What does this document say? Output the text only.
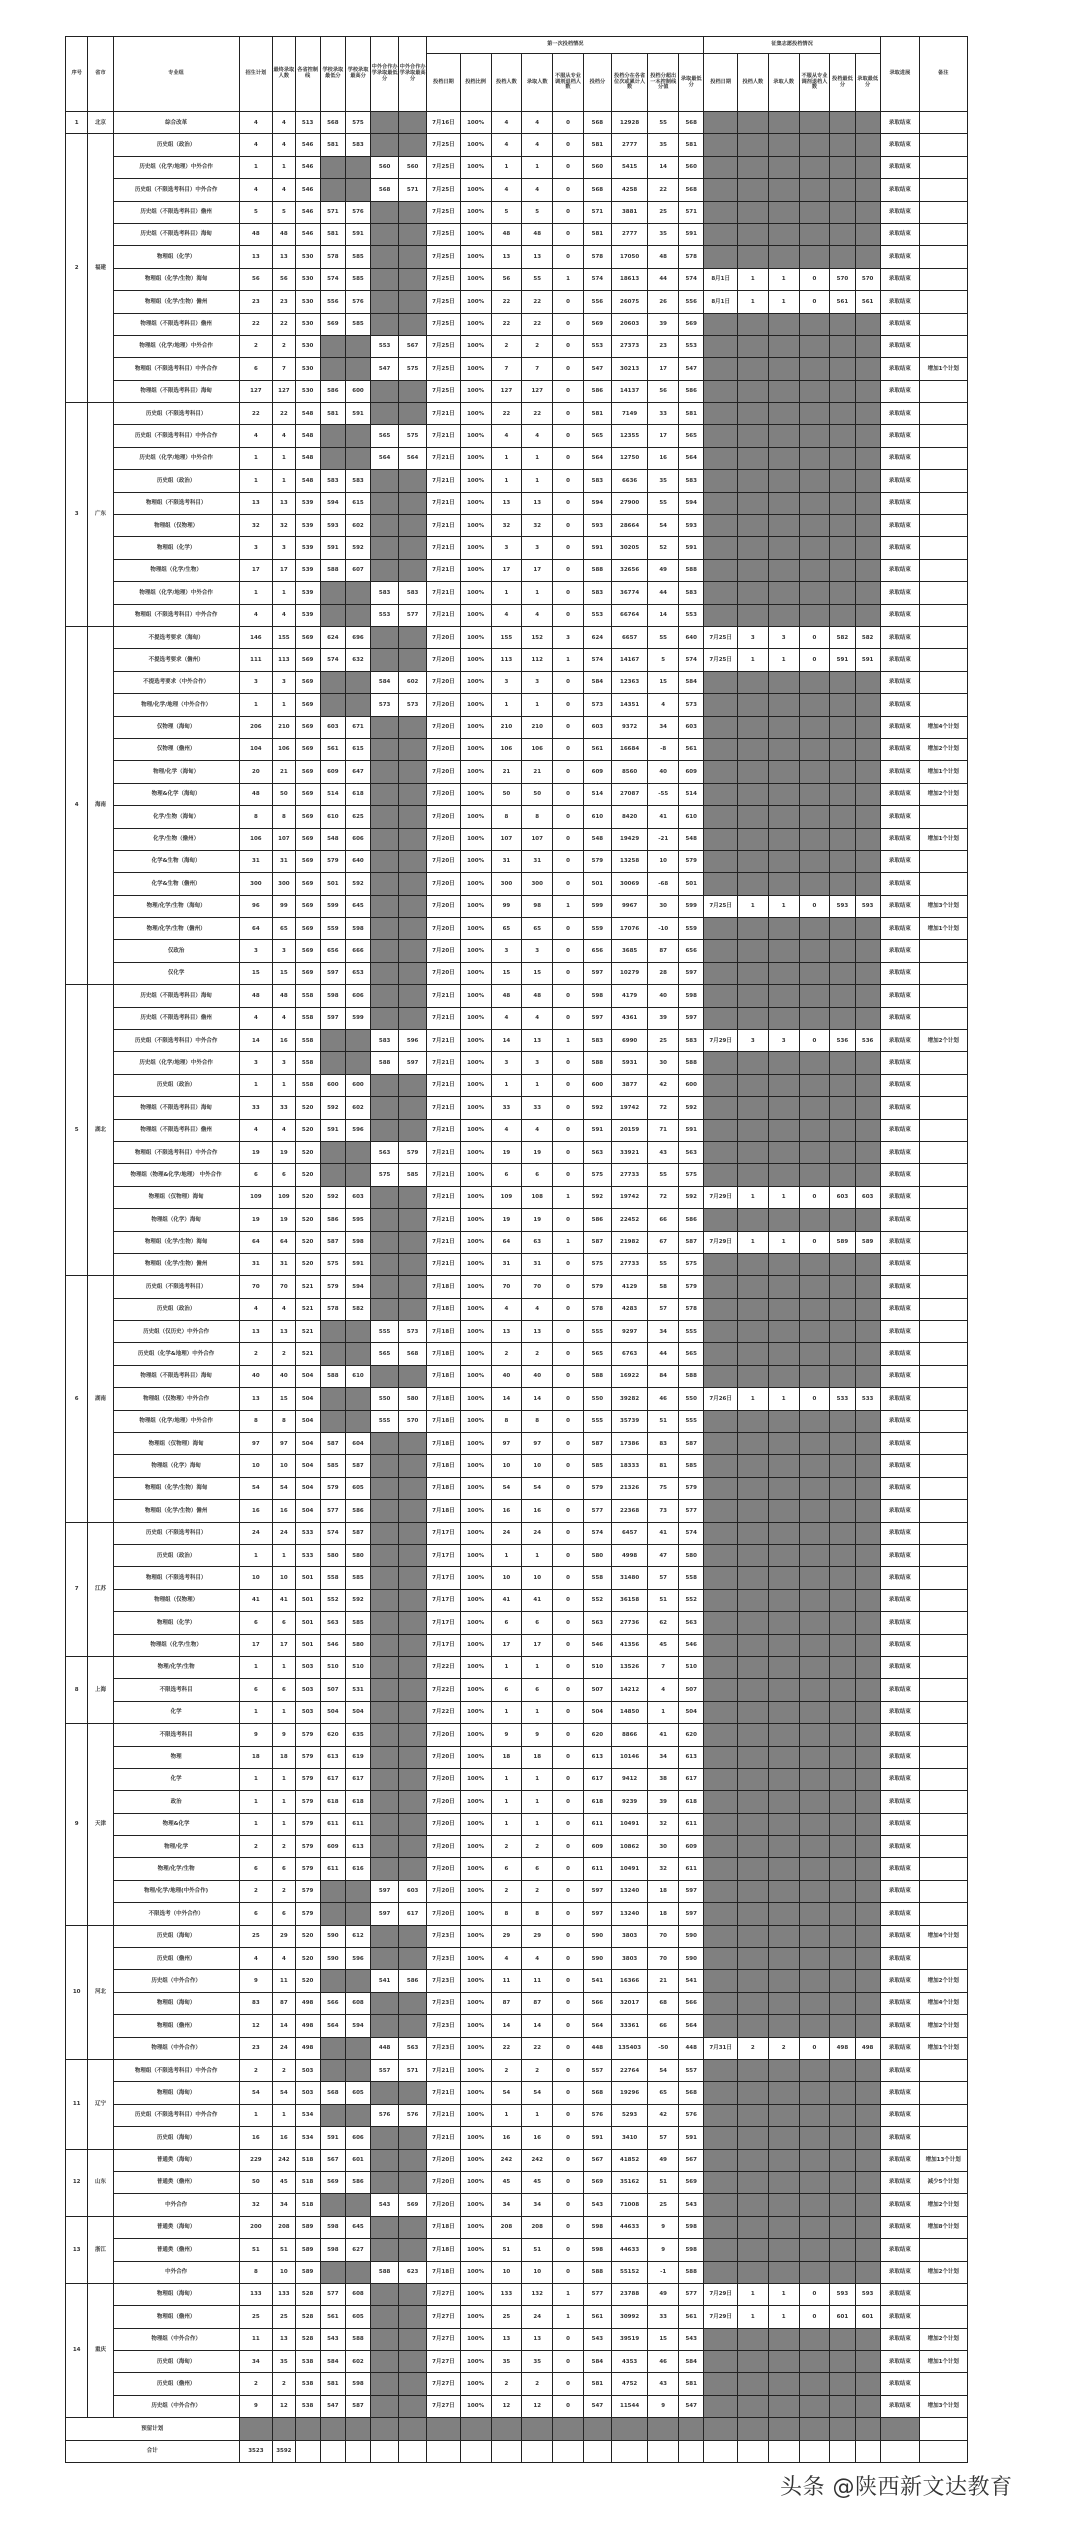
序号	省市	专业组	招生计划	最终录取人数	各省控制线	学校录取最低分	学校录取最高分	中外合作办学录取最低分	中外合作办学录取最高分	第一次投档情况									征集志愿投档情况						录取进展	备注
										投档日期	投档比例	投档人数	录取人数	不服从专业调剂退档人数	投档分	投档分在各省位次或累计人数	投档分超出一本控制线分值	录取最低分	投档日期	投档人数	录取人数	不服从专业调剂退档人数	投档最低分	录取最低分		
1	北京	综合改革	4	4	513	568	575			7月16日	100%	4	4	0	568	12928	55	568							录取结束	
2	福建	历史组（政治）	4	4	546	581	583			7月25日	100%	4	4	0	581	2777	35	581							录取结束	
		历史组（化学/地理）中外合作	1	1	546			560	560	7月25日	100%	1	1	0	560	5415	14	560							录取结束	
		历史组（不限选考科目）中外合作	4	4	546			568	571	7月25日	100%	4	4	0	568	4258	22	568							录取结束	
		历史组（不限选考科目）儋州	5	5	546	571	576			7月25日	100%	5	5	0	571	3881	25	571							录取结束	
		历史组（不限选考科目）海甸	48	48	546	581	591			7月25日	100%	48	48	0	581	2777	35	591							录取结束	
		物理组（化学）	13	13	530	578	585			7月25日	100%	13	13	0	578	17050	48	578							录取结束	
		物理组（化学/生物）海甸	56	56	530	574	585			7月25日	100%	56	55	1	574	18613	44	574	8月1日	1	1	0	570	570	录取结束	
		物理组（化学/生物）儋州	23	23	530	556	576			7月25日	100%	22	22	0	556	26075	26	556	8月1日	1	1	0	561	561	录取结束	
		物理组（不限选考科目）儋州	22	22	530	569	585			7月25日	100%	22	22	0	569	20603	39	569							录取结束	
		物理组（化学/地理）中外合作	2	2	530			553	567	7月25日	100%	2	2	0	553	27373	23	553							录取结束	
		物理组（不限选考科目）中外合作	6	7	530			547	575	7月25日	100%	7	7	0	547	30213	17	547							录取结束	增加1个计划
		物理组（不限选考科目）海甸	127	127	530	586	600			7月25日	100%	127	127	0	586	14137	56	586							录取结束	
3	广东	历史组（不限选考科目）	22	22	548	581	591			7月21日	100%	22	22	0	581	7149	33	581							录取结束	
		历史组（不限选考科目）中外合作	4	4	548			565	575	7月21日	100%	4	4	0	565	12355	17	565							录取结束	
		历史组（化学/地理）中外合作	1	1	548			564	564	7月21日	100%	1	1	0	564	12750	16	564							录取结束	
		历史组（政治）	1	1	548	583	583			7月21日	100%	1	1	0	583	6636	35	583							录取结束	
		物理组（不限选考科目）	13	13	539	594	615			7月21日	100%	13	13	0	594	27900	55	594							录取结束	
		物理组（仅物理）	32	32	539	593	602			7月21日	100%	32	32	0	593	28664	54	593							录取结束	
		物理组（化学）	3	3	539	591	592			7月21日	100%	3	3	0	591	30205	52	591							录取结束	
		物理组（化学/生物）	17	17	539	588	607			7月21日	100%	17	17	0	588	32656	49	588							录取结束	
		物理组（化学/地理）中外合作	1	1	539			583	583	7月21日	100%	1	1	0	583	36774	44	583							录取结束	
		物理组（不限选考科目）中外合作	4	4	539			553	577	7月21日	100%	4	4	0	553	66764	14	553							录取结束	
4	海南	不提选考要求（海甸）	146	155	569	624	696			7月20日	100%	155	152	3	624	6657	55	640	7月25日	3	3	0	582	582	录取结束	
		不提选考要求（儋州）	111	113	569	574	632			7月20日	100%	113	112	1	574	14167	5	574	7月25日	1	1	0	591	591	录取结束	
		不提选考要求（中外合作）	3	3	569			584	602	7月20日	100%	3	3	0	584	12363	15	584							录取结束	
		物理/化学/地理（中外合作）	1	1	569			573	573	7月20日	100%	1	1	0	573	14351	4	573							录取结束	
		仅物理（海甸）	206	210	569	603	671			7月20日	100%	210	210	0	603	9372	34	603							录取结束	增加4个计划
		仅物理（儋州）	104	106	569	561	615			7月20日	100%	106	106	0	561	16684	-8	561							录取结束	增加2个计划
		物理/化学（海甸）	20	21	569	609	647			7月20日	100%	21	21	0	609	8560	40	609							录取结束	增加1个计划
		物理&化学（海甸）	48	50	569	514	618			7月20日	100%	50	50	0	514	27087	-55	514							录取结束	增加2个计划
		化学/生物（海甸）	8	8	569	610	625			7月20日	100%	8	8	0	610	8420	41	610							录取结束	
		化学/生物（儋州）	106	107	569	548	606			7月20日	100%	107	107	0	548	19429	-21	548							录取结束	增加1个计划
		化学&生物（海甸）	31	31	569	579	640			7月20日	100%	31	31	0	579	13258	10	579							录取结束	
		化学&生物（儋州）	300	300	569	501	592			7月20日	100%	300	300	0	501	30069	-68	501							录取结束	
		物理/化学/生物（海甸）	96	99	569	599	645			7月20日	100%	99	98	1	599	9967	30	599	7月25日	1	1	0	593	593	录取结束	增加3个计划
		物理/化学/生物（儋州）	64	65	569	559	598			7月20日	100%	65	65	0	559	17076	-10	559							录取结束	增加1个计划
		仅政治	3	3	569	656	666			7月20日	100%	3	3	0	656	3685	87	656							录取结束	
		仅化学	15	15	569	597	653			7月20日	100%	15	15	0	597	10279	28	597							录取结束	
5	湖北	历史组（不限选考科目）海甸	48	48	558	598	606			7月21日	100%	48	48	0	598	4179	40	598							录取结束	
		历史组（不限选考科目）儋州	4	4	558	597	599			7月21日	100%	4	4	0	597	4361	39	597							录取结束	
		历史组（不限选考科目）中外合作	14	16	558			583	596	7月21日	100%	14	13	1	583	6990	25	583	7月29日	3	3	0	536	536	录取结束	增加2个计划
		历史组（化学/地理）中外合作	3	3	558			588	597	7月21日	100%	3	3	0	588	5931	30	588							录取结束	
		历史组（政治）	1	1	558	600	600			7月21日	100%	1	1	0	600	3877	42	600							录取结束	
		物理组（不限选考科目）海甸	33	33	520	592	602			7月21日	100%	33	33	0	592	19742	72	592							录取结束	
		物理组（不限选考科目）儋州	4	4	520	591	596			7月21日	100%	4	4	0	591	20159	71	591							录取结束	
		物理组（不限选考科目）中外合作	19	19	520			563	579	7月21日	100%	19	19	0	563	33921	43	563							录取结束	
		物理组（物理&化学/地理） 中外合作	6	6	520			575	585	7月21日	100%	6	6	0	575	27733	55	575							录取结束	
		物理组（仅物理）海甸	109	109	520	592	603			7月21日	100%	109	108	1	592	19742	72	592	7月29日	1	1	0	603	603	录取结束	
		物理组（化学）海甸	19	19	520	586	595			7月21日	100%	19	19	0	586	22452	66	586							录取结束	
		物理组（化学/生物）海甸	64	64	520	587	598			7月21日	100%	64	63	1	587	21982	67	587	7月29日	1	1	0	589	589	录取结束	
		物理组（化学/生物）儋州	31	31	520	575	591			7月21日	100%	31	31	0	575	27733	55	575							录取结束	
6	湖南	历史组（不限选考科目）	70	70	521	579	594			7月18日	100%	70	70	0	579	4129	58	579							录取结束	
		历史组（政治）	4	4	521	578	582			7月18日	100%	4	4	0	578	4283	57	578							录取结束	
		历史组（仅历史）中外合作	13	13	521			555	573	7月18日	100%	13	13	0	555	9297	34	555							录取结束	
		历史组（化学&地理）中外合作	2	2	521			565	568	7月18日	100%	2	2	0	565	6763	44	565							录取结束	
		物理组（不限选考科目）海甸	40	40	504	588	610			7月18日	100%	40	40	0	588	16922	84	588							录取结束	
		物理组（仅物理）中外合作	13	15	504			550	580	7月18日	100%	14	14	0	550	39282	46	550	7月26日	1	1	0	533	533	录取结束	
		物理组（化学/地理）中外合作	8	8	504			555	570	7月18日	100%	8	8	0	555	35739	51	555							录取结束	
		物理组（仅物理）海甸	97	97	504	587	604			7月18日	100%	97	97	0	587	17386	83	587							录取结束	
		物理组（化学）海甸	10	10	504	585	587			7月18日	100%	10	10	0	585	18333	81	585							录取结束	
		物理组（化学/生物）海甸	54	54	504	579	605			7月18日	100%	54	54	0	579	21326	75	579							录取结束	
		物理组（化学/生物）儋州	16	16	504	577	586			7月18日	100%	16	16	0	577	22368	73	577							录取结束	
7	江苏	历史组（不限选考科目）	24	24	533	574	587			7月17日	100%	24	24	0	574	6457	41	574							录取结束	
		历史组（政治）	1	1	533	580	580			7月17日	100%	1	1	0	580	4998	47	580							录取结束	
		物理组（不限选考科目）	10	10	501	558	585			7月17日	100%	10	10	0	558	31480	57	558							录取结束	
		物理组（仅物理）	41	41	501	552	592			7月17日	100%	41	41	0	552	36158	51	552							录取结束	
		物理组（化学）	6	6	501	563	585			7月17日	100%	6	6	0	563	27736	62	563							录取结束	
		物理组（化学/生物）	17	17	501	546	580			7月17日	100%	17	17	0	546	41356	45	546							录取结束	
8	上海	物理/化学/生物	1	1	503	510	510			7月22日	100%	1	1	0	510	13526	7	510							录取结束	
		不限选考科目	6	6	503	507	531			7月22日	100%	6	6	0	507	14212	4	507							录取结束	
		化学	1	1	503	504	504			7月22日	100%	1	1	0	504	14850	1	504							录取结束	
9	天津	不限选考科目	9	9	579	620	635			7月20日	100%	9	9	0	620	8866	41	620							录取结束	
		物理	18	18	579	613	619			7月20日	100%	18	18	0	613	10146	34	613							录取结束	
		化学	1	1	579	617	617			7月20日	100%	1	1	0	617	9412	38	617							录取结束	
		政治	1	1	579	618	618			7月20日	100%	1	1	0	618	9239	39	618							录取结束	
		物理&化学	1	1	579	611	611			7月20日	100%	1	1	0	611	10491	32	611							录取结束	
		物理/化学	2	2	579	609	613			7月20日	100%	2	2	0	609	10862	30	609							录取结束	
		物理/化学/生物	6	6	579	611	616			7月20日	100%	6	6	0	611	10491	32	611							录取结束	
		物理/化学/地理(中外合作)	2	2	579			597	603	7月20日	100%	2	2	0	597	13240	18	597							录取结束	
		不限选考（中外合作）	6	6	579			597	617	7月20日	100%	8	8	0	597	13240	18	597							录取结束	
10	河北	历史组（海甸）	25	29	520	590	612			7月23日	100%	29	29	0	590	3803	70	590							录取结束	增加4个计划
		历史组（儋州）	4	4	520	590	596			7月23日	100%	4	4	0	590	3803	70	590							录取结束	
		历史组（中外合作）	9	11	520			541	586	7月23日	100%	11	11	0	541	16366	21	541							录取结束	增加2个计划
		物理组（海甸）	83	87	498	566	608			7月23日	100%	87	87	0	566	32017	68	566							录取结束	增加4个计划
		物理组（儋州）	12	14	498	564	594			7月23日	100%	14	14	0	564	33361	66	564							录取结束	增加2个计划
		物理组（中外合作）	23	24	498			448	563	7月23日	100%	22	22	0	448	135403	-50	448	7月31日	2	2	0	498	498	录取结束	增加1个计划
11	辽宁	物理组（不限选考科目）中外合作	2	2	503			557	571	7月21日	100%	2	2	0	557	22764	54	557							录取结束	
		物理组（海甸）	54	54	503	568	605			7月21日	100%	54	54	0	568	19296	65	568							录取结束	
		历史组（不限选考科目）中外合作	1	1	534			576	576	7月21日	100%	1	1	0	576	5293	42	576							录取结束	
		历史组（海甸）	16	16	534	591	606			7月21日	100%	16	16	0	591	3410	57	591							录取结束	
12	山东	普通类（海甸）	229	242	518	567	601			7月20日	100%	242	242	0	567	41852	49	567							录取结束	增加13个计划
		普通类（儋州）	50	45	518	569	586			7月20日	100%	45	45	0	569	35162	51	569							录取结束	减少5个计划
		中外合作	32	34	518			543	569	7月20日	100%	34	34	0	543	71008	25	543							录取结束	增加2个计划
13	浙江	普通类（海甸）	200	208	589	598	645			7月18日	100%	208	208	0	598	44633	9	598							录取结束	增加8个计划
		普通类（儋州）	51	51	589	598	627			7月18日	100%	51	51	0	598	44633	9	598							录取结束	
		中外合作	8	10	589			588	623	7月18日	100%	10	10	0	588	55152	-1	588							录取结束	增加2个计划
14	重庆	物理组（海甸）	133	133	528	577	608			7月27日	100%	133	132	1	577	23788	49	577	7月29日	1	1	0	593	593	录取结束	
		物理组（儋州）	25	25	528	561	605			7月27日	100%	25	24	1	561	30992	33	561	7月29日	1	1	0	601	601	录取结束	
		物理组（中外合作）	11	13	528	543	588			7月27日	100%	13	13	0	543	39519	15	543							录取结束	增加2个计划
		历史组（海甸）	34	35	538	584	602			7月27日	100%	35	35	0	584	4353	46	584							录取结束	增加1个计划
		历史组（儋州）	2	2	538	581	598			7月27日	100%	2	2	0	581	4752	43	581							录取结束	
		历史组（中外合作）	9	12	538	547	587			7月27日	100%	12	12	0	547	11544	9	547							录取结束	增加3个计划
预留计划																										
合计			3523	3592																						
头条 @陕西新文达教育
